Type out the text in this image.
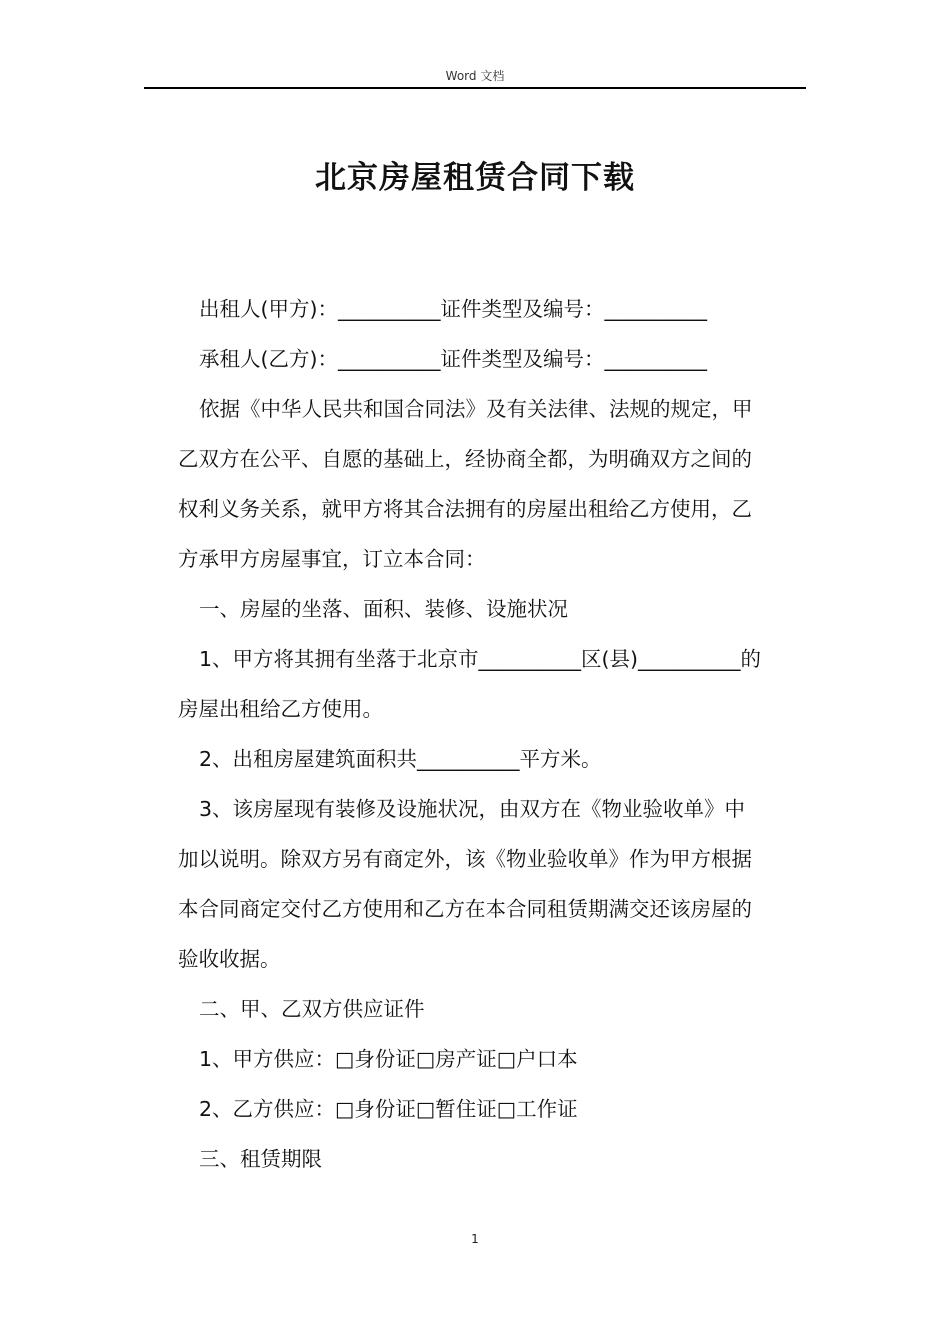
Word 文档
北京房屋租赁合同下载
出租人(甲方)：__________证件类型及编号：__________
承租人(乙方)：__________证件类型及编号：__________
依据《中华人民共和国合同法》及有关法律、法规的规定，甲
乙双方在公平、自愿的基础上，经协商全都，为明确双方之间的
权利义务关系，就甲方将其合法拥有的房屋出租给乙方使用，乙
方承甲方房屋事宜，订立本合同：
一、房屋的坐落、面积、装修、设施状况
1、甲方将其拥有坐落于北京市__________区(县)__________的
房屋出租给乙方使用。
2、出租房屋建筑面积共__________平方米。
3、该房屋现有装修及设施状况，由双方在《物业验收单》中
加以说明。除双方另有商定外，该《物业验收单》作为甲方根据
本合同商定交付乙方使用和乙方在本合同租赁期满交还该房屋的
验收收据。
二、甲、乙双方供应证件
1、甲方供应：□身份证□房产证□户口本
2、乙方供应：□身份证□暂住证□工作证
三、租赁期限
1
